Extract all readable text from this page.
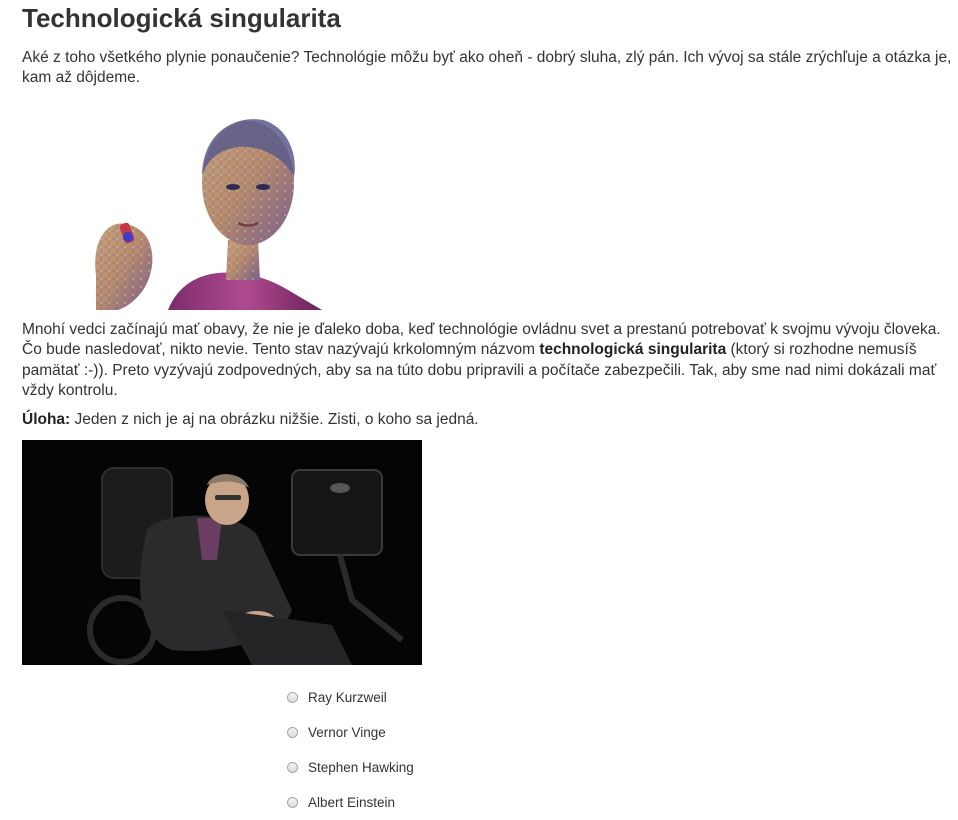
Technologická singularita

Aké z toho všetkého plynie ponaučenie? Technológie môžu byť ako oheň - dobrý sluha, zlý pán. Ich vývoj sa stále zrýchľuje a otázka je, kam až dôjdeme.

Mnohí vedci začínajú mať obavy, že nie je ďaleko doba, keď technológie ovládnu svet a prestanú potrebovať k svojmu vývoju človeka. Čo bude nasledovať, nikto nevie. Tento stav nazývajú krkolomným názvom technologická singularita (ktorý si rozhodne nemusíš pamätať :-)). Preto vyzývajú zodpovedných, aby sa na túto dobu pripravili a počítače zabezpečili. Tak, aby sme nad nimi dokázali mať vždy kontrolu.

Úloha: Jeden z nich je aj na obrázku nižšie. Zisti, o koho sa jedná.

Ray Kurzweil
Vernor Vinge
Stephen Hawking
Albert Einstein
